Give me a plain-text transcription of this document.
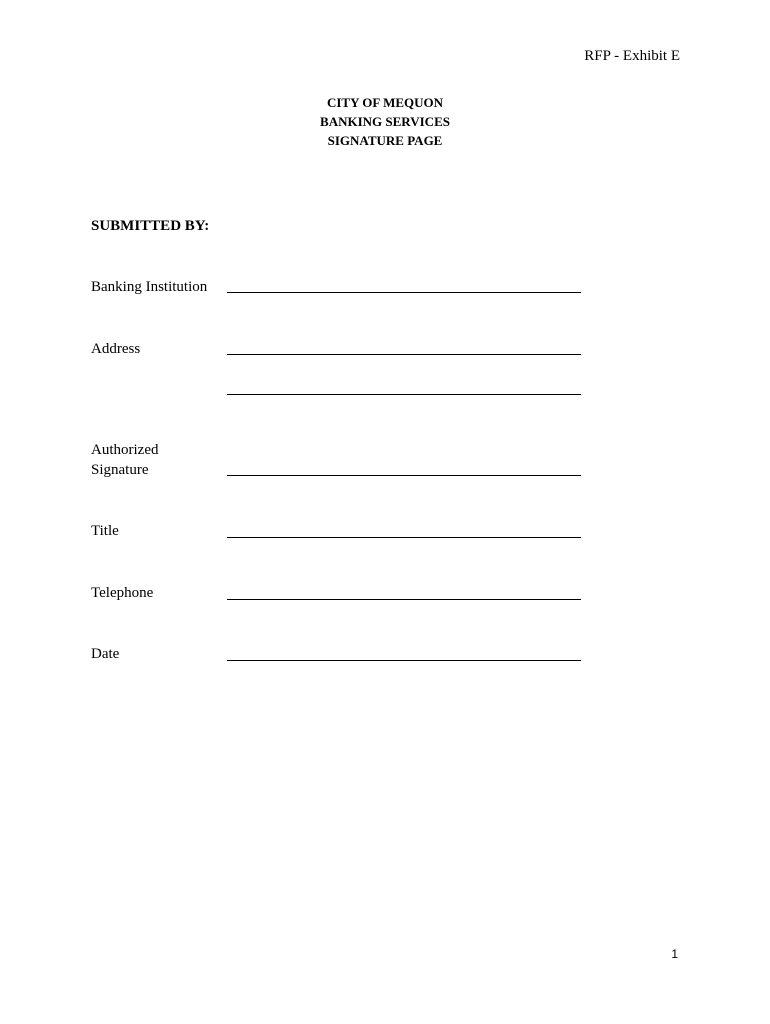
RFP - Exhibit E
CITY OF MEQUON
BANKING SERVICES
SIGNATURE PAGE
SUBMITTED BY:
Banking Institution
Address
Authorized
Signature
Title
Telephone
Date
1
